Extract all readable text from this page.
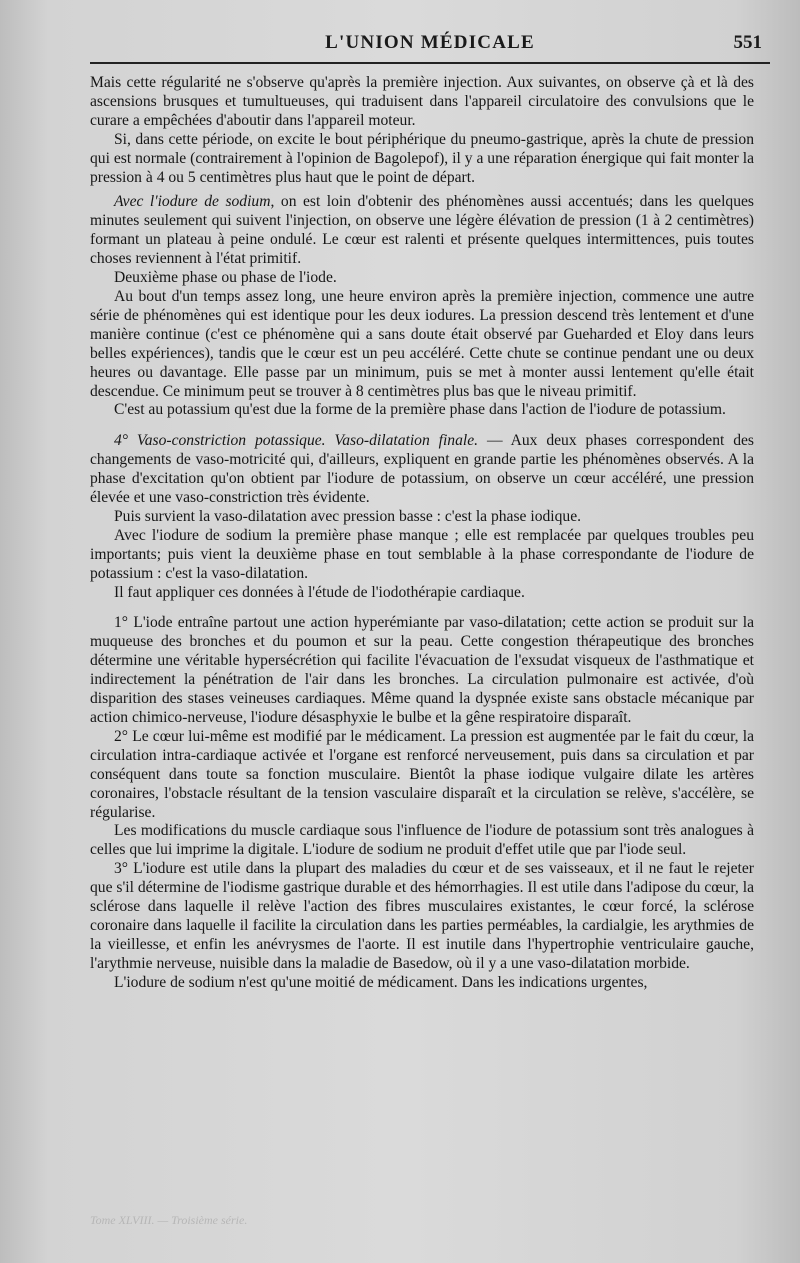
L'UNION MÉDICALE	551

Mais cette régularité ne s'observe qu'après la première injection. Aux suivantes, on observe çà et là des ascensions brusques et tumultueuses, qui traduisent dans l'appareil circulatoire des convulsions que le curare a empêchées d'aboutir dans l'appareil moteur.

Si, dans cette période, on excite le bout périphérique du pneumo-gastrique, après la chute de pression qui est normale (contrairement à l'opinion de Bagolepof), il y a une réparation énergique qui fait monter la pression à 4 ou 5 centimètres plus haut que le point de départ.

Avec l'iodure de sodium, on est loin d'obtenir des phénomènes aussi accentués; dans les quelques minutes seulement qui suivent l'injection, on observe une légère élévation de pression (1 à 2 centimètres) formant un plateau à peine ondulé. Le cœur est ralenti et présente quelques intermittences, puis toutes choses reviennent à l'état primitif.

Deuxième phase ou phase de l'iode.

Au bout d'un temps assez long, une heure environ après la première injection, commence une autre série de phénomènes qui est identique pour les deux iodures. La pression descend très lentement et d'une manière continue (c'est ce phénomène qui a sans doute était observé par Gueharded et Eloy dans leurs belles expériences), tandis que le cœur est un peu accéléré. Cette chute se continue pendant une ou deux heures ou davantage. Elle passe par un minimum, puis se met à monter aussi lentement qu'elle était descendue. Ce minimum peut se trouver à 8 centimètres plus bas que le niveau primitif.

C'est au potassium qu'est due la forme de la première phase dans l'action de l'iodure de potassium.

4° Vaso-constriction potassique. Vaso-dilatation finale. — Aux deux phases correspondent des changements de vaso-motricité qui, d'ailleurs, expliquent en grande partie les phénomènes observés. A la phase d'excitation qu'on obtient par l'iodure de potassium, on observe un cœur accéléré, une pression élevée et une vaso-constriction très évidente.

Puis survient la vaso-dilatation avec pression basse : c'est la phase iodique.

Avec l'iodure de sodium la première phase manque ; elle est remplacée par quelques troubles peu importants; puis vient la deuxième phase en tout semblable à la phase correspondante de l'iodure de potassium : c'est la vaso-dilatation.

Il faut appliquer ces données à l'étude de l'iodothérapie cardiaque.

1° L'iode entraîne partout une action hyperémiante par vaso-dilatation; cette action se produit sur la muqueuse des bronches et du poumon et sur la peau. Cette congestion thérapeutique des bronches détermine une véritable hypersécrétion qui facilite l'évacuation de l'exsudat visqueux de l'asthmatique et indirectement la pénétration de l'air dans les bronches. La circulation pulmonaire est activée, d'où disparition des stases veineuses cardiaques. Même quand la dyspnée existe sans obstacle mécanique par action chimico-nerveuse, l'iodure désasphyxie le bulbe et la gêne respiratoire disparaît.

2° Le cœur lui-même est modifié par le médicament. La pression est augmentée par le fait du cœur, la circulation intra-cardiaque activée et l'organe est renforcé nerveusement, puis dans sa circulation et par conséquent dans toute sa fonction musculaire. Bientôt la phase iodique vulgaire dilate les artères coronaires, l'obstacle résultant de la tension vasculaire disparaît et la circulation se relève, s'accélère, se régularise.

Les modifications du muscle cardiaque sous l'influence de l'iodure de potassium sont très analogues à celles que lui imprime la digitale. L'iodure de sodium ne produit d'effet utile que par l'iode seul.

3° L'iodure est utile dans la plupart des maladies du cœur et de ses vaisseaux, et il ne faut le rejeter que s'il détermine de l'iodisme gastrique durable et des hémorrhagies. Il est utile dans l'adipose du cœur, la sclérose dans laquelle il relève l'action des fibres musculaires existantes, le cœur forcé, la sclérose coronaire dans laquelle il facilite la circulation dans les parties perméables, la cardialgie, les arythmies de la vieillesse, et enfin les anévrysmes de l'aorte. Il est inutile dans l'hypertrophie ventriculaire gauche, l'arythmie nerveuse, nuisible dans la maladie de Basedow, où il y a une vaso-dilatation morbide.

L'iodure de sodium n'est qu'une moitié de médicament. Dans les indications urgentes,

Tome XLVIII. — Troisième série.
